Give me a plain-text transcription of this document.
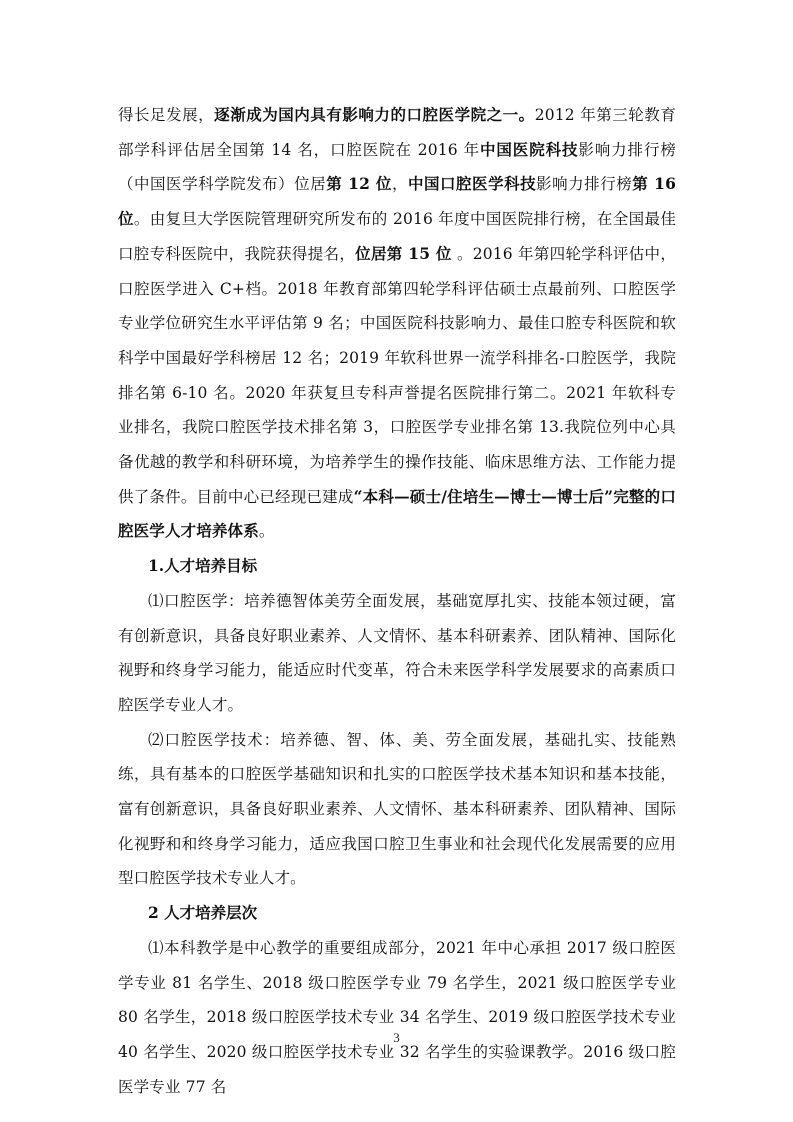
得长足发展，逐渐成为国内具有影响力的口腔医学院之一。2012 年第三轮教育部学科评估居全国第 14 名，口腔医院在 2016 年中国医院科技影响力排行榜（中国医学科学院发布）位居第 12 位，中国口腔医学科技影响力排行榜第 16 位。由复旦大学医院管理研究所发布的 2016 年度中国医院排行榜，在全国最佳口腔专科医院中，我院获得提名，位居第 15 位 。2016 年第四轮学科评估中，口腔医学进入 C+档。2018 年教育部第四轮学科评估硕士点最前列、口腔医学专业学位研究生水平评估第 9 名；中国医院科技影响力、最佳口腔专科医院和软科学中国最好学科榜居 12 名；2019 年软科世界一流学科排名-口腔医学，我院排名第 6-10 名。2020 年获复旦专科声誉提名医院排行第二。2021 年软科专业排名，我院口腔医学技术排名第 3，口腔医学专业排名第 13.我院位列中心具备优越的教学和科研环境，为培养学生的操作技能、临床思维方法、工作能力提供了条件。目前中心已经现已建成“本科—硕士/住培生—博士—博士后”完整的口腔医学人才培养体系。

1.人才培养目标

⑴口腔医学：培养德智体美劳全面发展，基础宽厚扎实、技能本领过硬，富有创新意识，具备良好职业素养、人文情怀、基本科研素养、团队精神、国际化视野和终身学习能力，能适应时代变革，符合未来医学科学发展要求的高素质口腔医学专业人才。

⑵口腔医学技术：培养德、智、体、美、劳全面发展，基础扎实、技能熟练，具有基本的口腔医学基础知识和扎实的口腔医学技术基本知识和基本技能，富有创新意识，具备良好职业素养、人文情怀、基本科研素养、团队精神、国际化视野和和终身学习能力，适应我国口腔卫生事业和社会现代化发展需要的应用型口腔医学技术专业人才。

2 人才培养层次

⑴本科教学是中心教学的重要组成部分，2021 年中心承担 2017 级口腔医学专业 81 名学生、2018 级口腔医学专业 79 名学生，2021 级口腔医学专业 80 名学生，2018 级口腔医学技术专业 34 名学生、2019 级口腔医学技术专业 40 名学生、2020 级口腔医学技术专业 32 名学生的实验课教学。2016 级口腔医学专业 77 名

3
